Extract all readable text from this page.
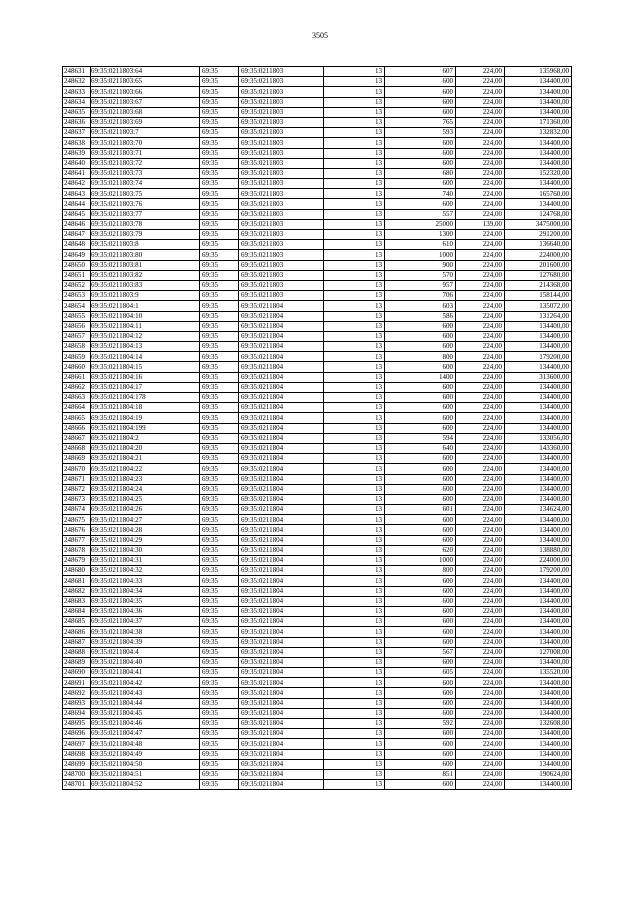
3505
248631	69:35:0211803:64	69:35	69:35:0211803	13	607	224,00	135968,00
248632	69:35:0211803:65	69:35	69:35:0211803	13	600	224,00	134400,00
248633	69:35:0211803:66	69:35	69:35:0211803	13	600	224,00	134400,00
248634	69:35:0211803:67	69:35	69:35:0211803	13	600	224,00	134400,00
248635	69:35:0211803:68	69:35	69:35:0211803	13	600	224,00	134400,00
248636	69:35:0211803:69	69:35	69:35:0211803	13	765	224,00	171360,00
248637	69:35:0211803:7	69:35	69:35:0211803	13	593	224,00	132832,00
248638	69:35:0211803:70	69:35	69:35:0211803	13	600	224,00	134400,00
248639	69:35:0211803:71	69:35	69:35:0211803	13	600	224,00	134400,00
248640	69:35:0211803:72	69:35	69:35:0211803	13	600	224,00	134400,00
248641	69:35:0211803:73	69:35	69:35:0211803	13	680	224,00	152320,00
248642	69:35:0211803:74	69:35	69:35:0211803	13	600	224,00	134400,00
248643	69:35:0211803:75	69:35	69:35:0211803	13	740	224,00	165760,00
248644	69:35:0211803:76	69:35	69:35:0211803	13	600	224,00	134400,00
248645	69:35:0211803:77	69:35	69:35:0211803	13	557	224,00	124768,00
248646	69:35:0211803:78	69:35	69:35:0211803	13	25000	139,00	3475000,00
248647	69:35:0211803:79	69:35	69:35:0211803	13	1300	224,00	291200,00
248648	69:35:0211803:8	69:35	69:35:0211803	13	610	224,00	136640,00
248649	69:35:0211803:80	69:35	69:35:0211803	13	1000	224,00	224000,00
248650	69:35:0211803:81	69:35	69:35:0211803	13	900	224,00	201600,00
248651	69:35:0211803:82	69:35	69:35:0211803	13	570	224,00	127680,00
248652	69:35:0211803:83	69:35	69:35:0211803	13	957	224,00	214368,00
248653	69:35:0211803:9	69:35	69:35:0211803	13	706	224,00	158144,00
248654	69:35:0211804:1	69:35	69:35:0211804	13	603	224,00	135072,00
248655	69:35:0211804:10	69:35	69:35:0211804	13	586	224,00	131264,00
248656	69:35:0211804:11	69:35	69:35:0211804	13	600	224,00	134400,00
248657	69:35:0211804:12	69:35	69:35:0211804	13	600	224,00	134400,00
248658	69:35:0211804:13	69:35	69:35:0211804	13	600	224,00	134400,00
248659	69:35:0211804:14	69:35	69:35:0211804	13	800	224,00	179200,00
248660	69:35:0211804:15	69:35	69:35:0211804	13	600	224,00	134400,00
248661	69:35:0211804:16	69:35	69:35:0211804	13	1400	224,00	313600,00
248662	69:35:0211804:17	69:35	69:35:0211804	13	600	224,00	134400,00
248663	69:35:0211804:178	69:35	69:35:0211804	13	600	224,00	134400,00
248664	69:35:0211804:18	69:35	69:35:0211804	13	600	224,00	134400,00
248665	69:35:0211804:19	69:35	69:35:0211804	13	600	224,00	134400,00
248666	69:35:0211804:199	69:35	69:35:0211804	13	600	224,00	134400,00
248667	69:35:0211804:2	69:35	69:35:0211804	13	594	224,00	133056,00
248668	69:35:0211804:20	69:35	69:35:0211804	13	640	224,00	143360,00
248669	69:35:0211804:21	69:35	69:35:0211804	13	600	224,00	134400,00
248670	69:35:0211804:22	69:35	69:35:0211804	13	600	224,00	134400,00
248671	69:35:0211804:23	69:35	69:35:0211804	13	600	224,00	134400,00
248672	69:35:0211804:24	69:35	69:35:0211804	13	600	224,00	134400,00
248673	69:35:0211804:25	69:35	69:35:0211804	13	600	224,00	134400,00
248674	69:35:0211804:26	69:35	69:35:0211804	13	601	224,00	134624,00
248675	69:35:0211804:27	69:35	69:35:0211804	13	600	224,00	134400,00
248676	69:35:0211804:28	69:35	69:35:0211804	13	600	224,00	134400,00
248677	69:35:0211804:29	69:35	69:35:0211804	13	600	224,00	134400,00
248678	69:35:0211804:30	69:35	69:35:0211804	13	620	224,00	138880,00
248679	69:35:0211804:31	69:35	69:35:0211804	13	1000	224,00	224000,00
248680	69:35:0211804:32	69:35	69:35:0211804	13	800	224,00	179200,00
248681	69:35:0211804:33	69:35	69:35:0211804	13	600	224,00	134400,00
248682	69:35:0211804:34	69:35	69:35:0211804	13	600	224,00	134400,00
248683	69:35:0211804:35	69:35	69:35:0211804	13	600	224,00	134400,00
248684	69:35:0211804:36	69:35	69:35:0211804	13	600	224,00	134400,00
248685	69:35:0211804:37	69:35	69:35:0211804	13	600	224,00	134400,00
248686	69:35:0211804:38	69:35	69:35:0211804	13	600	224,00	134400,00
248687	69:35:0211804:39	69:35	69:35:0211804	13	600	224,00	134400,00
248688	69:35:0211804:4	69:35	69:35:0211804	13	567	224,00	127008,00
248689	69:35:0211804:40	69:35	69:35:0211804	13	600	224,00	134400,00
248690	69:35:0211804:41	69:35	69:35:0211804	13	605	224,00	135520,00
248691	69:35:0211804:42	69:35	69:35:0211804	13	600	224,00	134400,00
248692	69:35:0211804:43	69:35	69:35:0211804	13	600	224,00	134400,00
248693	69:35:0211804:44	69:35	69:35:0211804	13	600	224,00	134400,00
248694	69:35:0211804:45	69:35	69:35:0211804	13	600	224,00	134400,00
248695	69:35:0211804:46	69:35	69:35:0211804	13	592	224,00	132608,00
248696	69:35:0211804:47	69:35	69:35:0211804	13	600	224,00	134400,00
248697	69:35:0211804:48	69:35	69:35:0211804	13	600	224,00	134400,00
248698	69:35:0211804:49	69:35	69:35:0211804	13	600	224,00	134400,00
248699	69:35:0211804:50	69:35	69:35:0211804	13	600	224,00	134400,00
248700	69:35:0211804:51	69:35	69:35:0211804	13	851	224,00	190624,00
248701	69:35:0211804:52	69:35	69:35:0211804	13	600	224,00	134400,00
